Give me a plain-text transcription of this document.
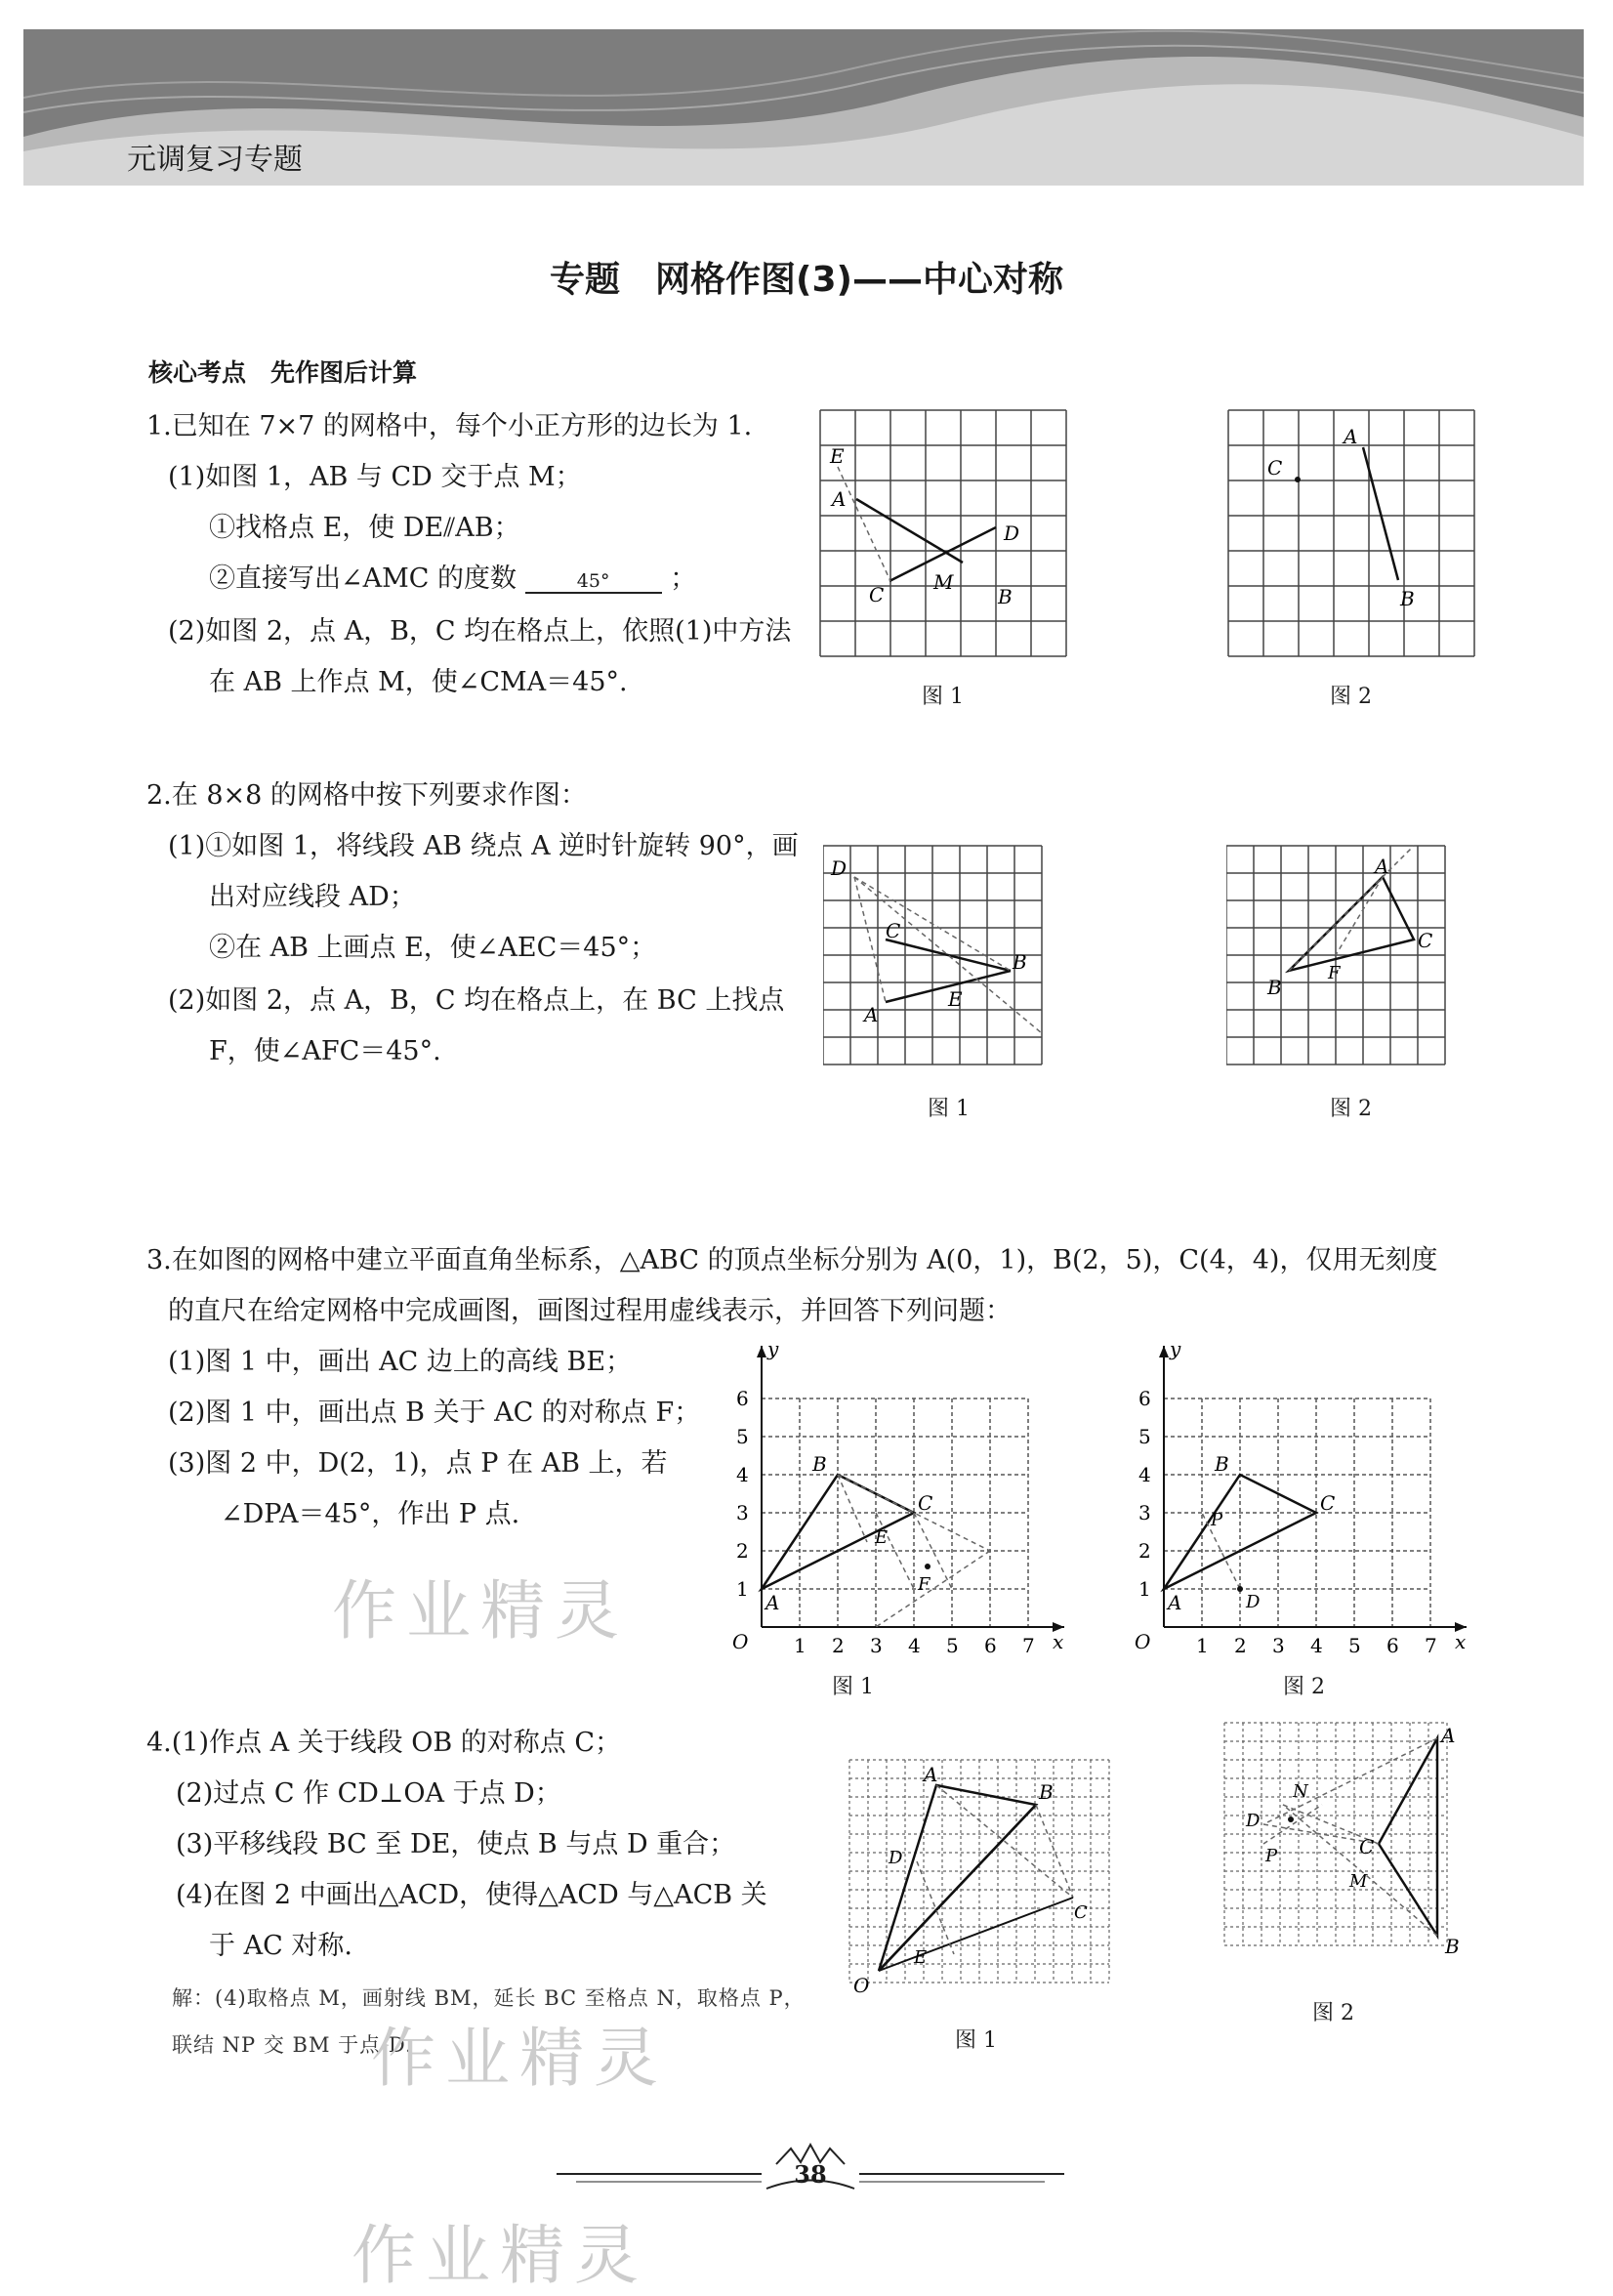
元调复习专题
专题　网格作图(3)——中心对称
核心考点　先作图后计算
1.已知在 7×7 的网格中，每个小正方形的边长为 1.
(1)如图 1，AB 与 CD 交于点 M；
①找格点 E，使 DE⫽AB；
②直接写出∠AMC 的度数	45° ；
(2)如图 2，点 A，B，C 均在格点上，依照(1)中方法
在 AB 上作点 M，使∠CMA＝45°.
E
A
D
C
M
B
图 1
C
A
B
图 2
2.在 8×8 的网格中按下列要求作图：
(1)①如图 1，将线段 AB 绕点 A 逆时针旋转 90°，画
出对应线段 AD；
②在 AB 上画点 E，使∠AEC＝45°；
(2)如图 2，点 A，B，C 均在格点上，在 BC 上找点
F，使∠AFC＝45°.
D
C
B
E
A
图 1
A
C
B
F
图 2
3.在如图的网格中建立平面直角坐标系，△ABC 的顶点坐标分别为 A(0，1)，B(2，5)，C(4，4)，仅用无刻度
的直尺在给定网格中完成画图，画图过程用虚线表示，并回答下列问题：
(1)图 1 中，画出 AC 边上的高线 BE；
(2)图 1 中，画出点 B 关于 AC 的对称点 F；
(3)图 2 中，D(2，1)，点 P 在 AB 上，若
∠DPA＝45°，作出 P 点.
1 2 3 4 5 6 7
1
2
3
4
5
6
y
x
O
A
B
C
E
F
图 1
1 2 3 4 5 6 7
1
2
3
4
5
6
y
x
O
A
B
C
P
D
图 2
4.(1)作点 A 关于线段 OB 的对称点 C；
(2)过点 C 作 CD⊥OA 于点 D；
(3)平移线段 BC 至 DE，使点 B 与点 D 重合；
(4)在图 2 中画出△ACD，使得△ACD 与△ACB 关
于 AC 对称.
解：(4)取格点 M，画射线 BM，延长 BC 至格点 N，取格点 P，
联结 NP 交 BM 于点 D.
A
B
D
C
O
E
图 1
A
N
D
P	C
M
B
图 2
作业精灵
作业精灵
作业精灵
38
